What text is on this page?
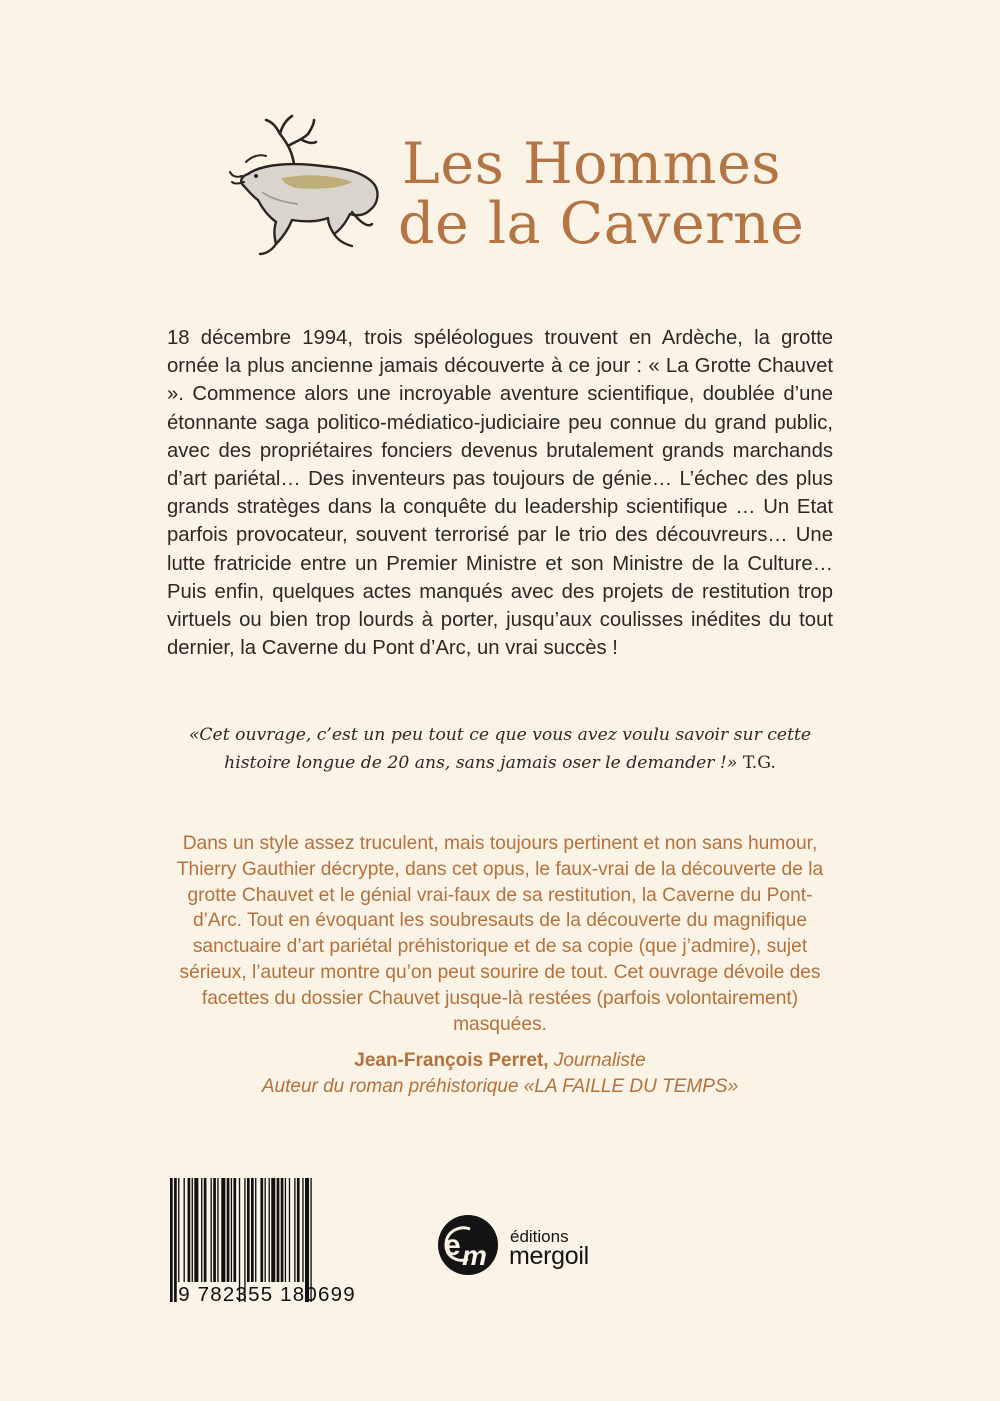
Les Hommes
de la Caverne

18 décembre 1994, trois spéléologues trouvent en Ardèche, la grotte ornée la plus ancienne jamais découverte à ce jour : « La Grotte Chauvet ». Commence alors une incroyable aventure scientifique, doublée d’une étonnante saga politico-médiatico-judiciaire peu connue du grand public, avec des propriétaires fonciers devenus brutalement grands marchands d’art pariétal… Des inventeurs pas toujours de génie… L’échec des plus grands stratèges dans la conquête du leadership scientifique … Un Etat parfois provocateur, souvent terrorisé par le trio des découvreurs… Une lutte fratricide entre un Premier Ministre et son Ministre de la Culture… Puis enfin, quelques actes manqués avec des projets de restitution trop virtuels ou bien trop lourds à porter, jusqu’aux coulisses inédites du tout dernier, la Caverne du Pont d’Arc, un vrai succès !

«Cet ouvrage, c’est un peu tout ce que vous avez voulu savoir sur cette histoire longue de 20 ans, sans jamais oser le demander !» T.G.

Dans un style assez truculent, mais toujours pertinent et non sans humour, Thierry Gauthier décrypte, dans cet opus, le faux-vrai de la découverte de la grotte Chauvet et le génial vrai-faux de sa restitution, la Caverne du Pont-d’Arc. Tout en évoquant les soubresauts de la découverte du magnifique sanctuaire d’art pariétal préhistorique et de sa copie (que j’admire), sujet sérieux, l’auteur montre qu’on peut sourire de tout. Cet ouvrage dévoile des facettes du dossier Chauvet jusque-là restées (parfois volontairement) masquées.

Jean-François Perret, Journaliste
Auteur du roman préhistorique «LA FAILLE DU TEMPS»
9 782355 180699
e m
éditions
mergoil
